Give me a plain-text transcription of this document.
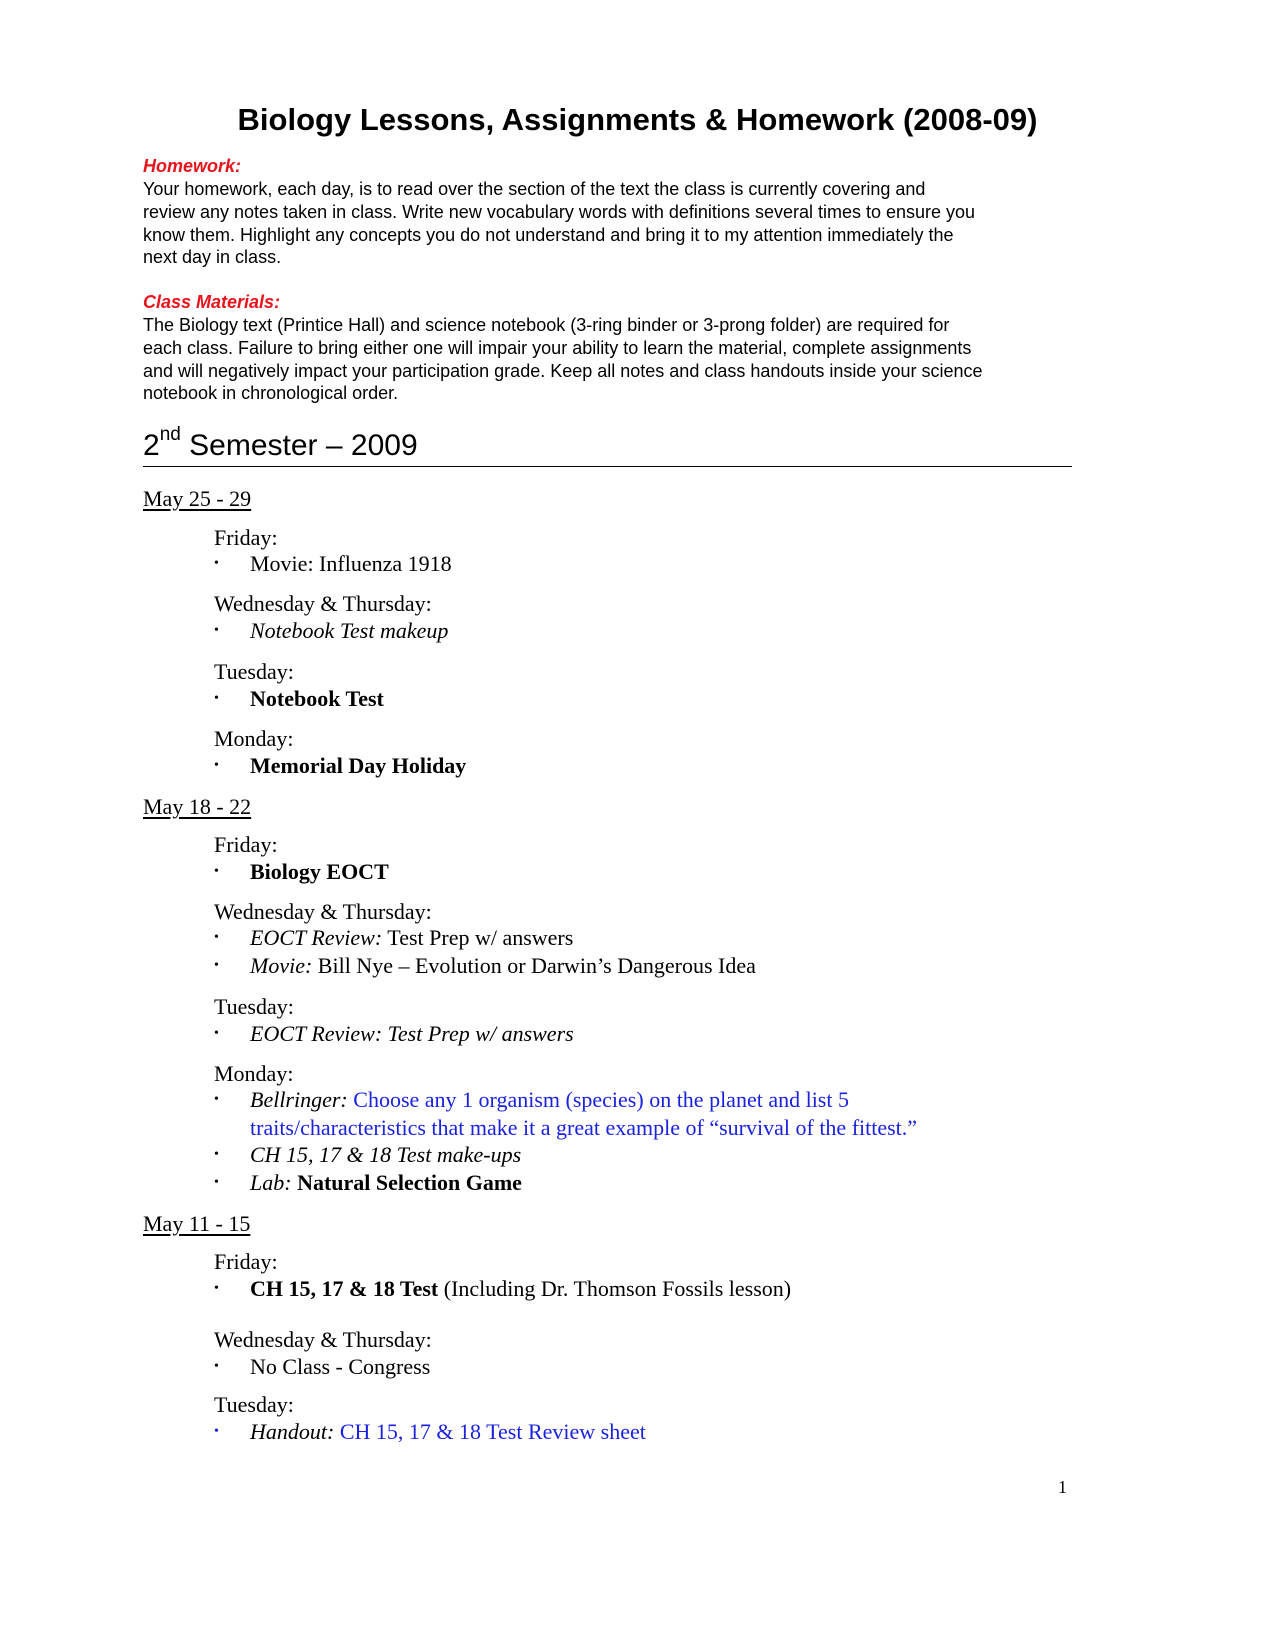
Biology Lessons, Assignments & Homework (2008-09)
Homework:
Your homework, each day, is to read over the section of the text the class is currently covering and
review any notes taken in class. Write new vocabulary words with definitions several times to ensure you
know them. Highlight any concepts you do not understand and bring it to my attention immediately the
next day in class.
Class Materials:
The Biology text (Printice Hall) and science notebook (3-ring binder or 3-prong folder) are required for
each class. Failure to bring either one will impair your ability to learn the material, complete assignments
and will negatively impact your participation grade. Keep all notes and class handouts inside your science
notebook in chronological order.
2nd Semester – 2009
May 25 - 29
Friday:
•	Movie: Influenza 1918
Wednesday & Thursday:
•	Notebook Test makeup
Tuesday:
•	Notebook Test
Monday:
•	Memorial Day Holiday
May 18 - 22
Friday:
•	Biology EOCT
Wednesday & Thursday:
•	EOCT Review: Test Prep w/ answers
•	Movie: Bill Nye – Evolution or Darwin’s Dangerous Idea
Tuesday:
•	EOCT Review: Test Prep w/ answers
Monday:
•	Bellringer: Choose any 1 organism (species) on the planet and list 5
traits/characteristics that make it a great example of “survival of the fittest.”
•	CH 15, 17 & 18 Test make-ups
•	Lab: Natural Selection Game
May 11 - 15
Friday:
•	CH 15, 17 & 18 Test (Including Dr. Thomson Fossils lesson)
Wednesday & Thursday:
•	No Class - Congress
Tuesday:
•	Handout: CH 15, 17 & 18 Test Review sheet
1
